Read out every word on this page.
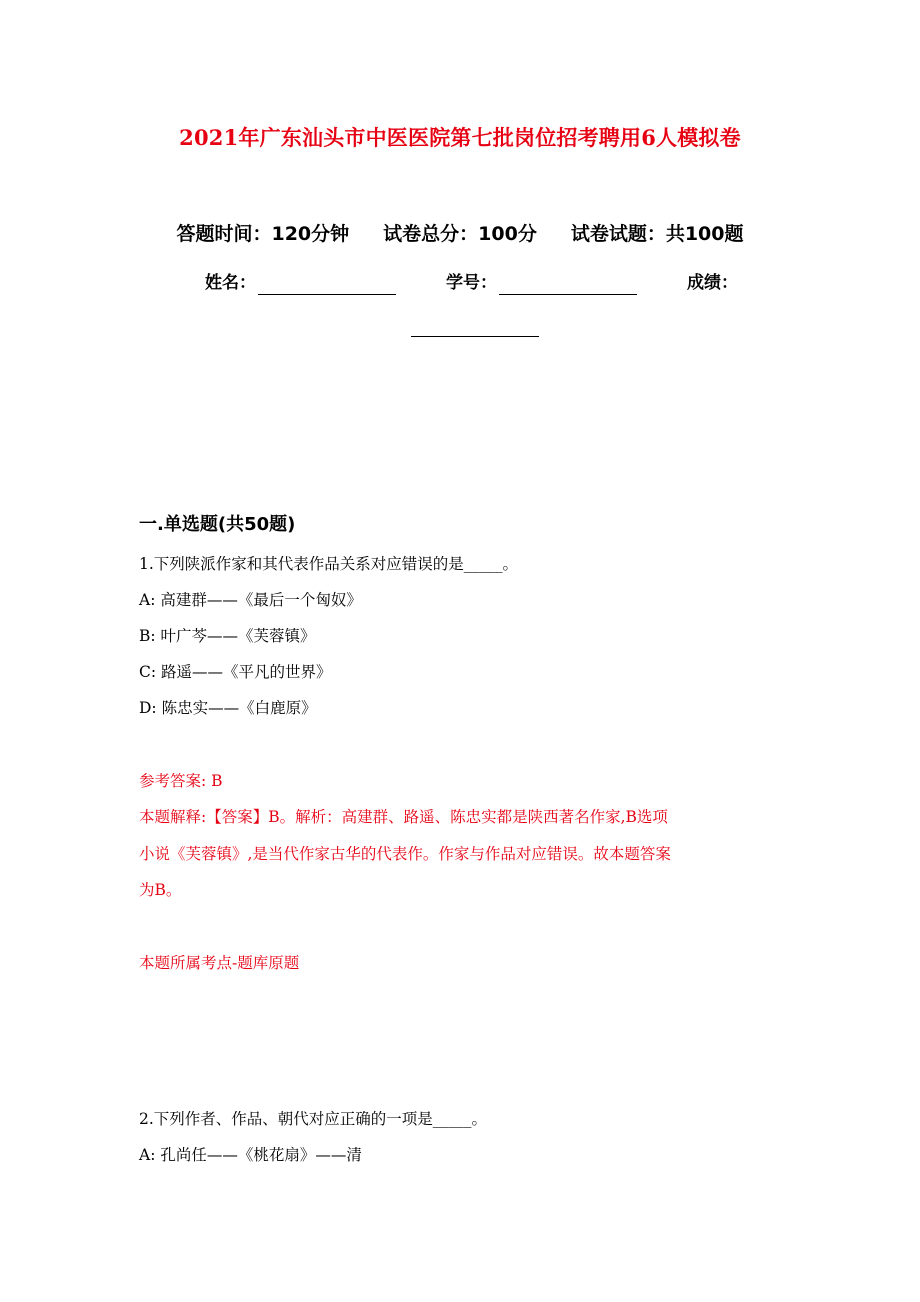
2021年广东汕头市中医医院第七批岗位招考聘用6人模拟卷
答题时间：120分钟 试卷总分：100分 试卷试题：共100题
姓名：	学号：	成绩：
一.单选题(共50题)
1.下列陕派作家和其代表作品关系对应错误的是_____。
A: 高建群——《最后一个匈奴》
B: 叶广芩——《芙蓉镇》
C: 路遥——《平凡的世界》
D: 陈忠实——《白鹿原》
参考答案: B
本题解释:【答案】B。解析：高建群、路遥、陈忠实都是陕西著名作家,B选项
小说《芙蓉镇》,是当代作家古华的代表作。作家与作品对应错误。故本题答案
为B。
本题所属考点-题库原题
2.下列作者、作品、朝代对应正确的一项是_____。
A: 孔尚任——《桃花扇》——清
